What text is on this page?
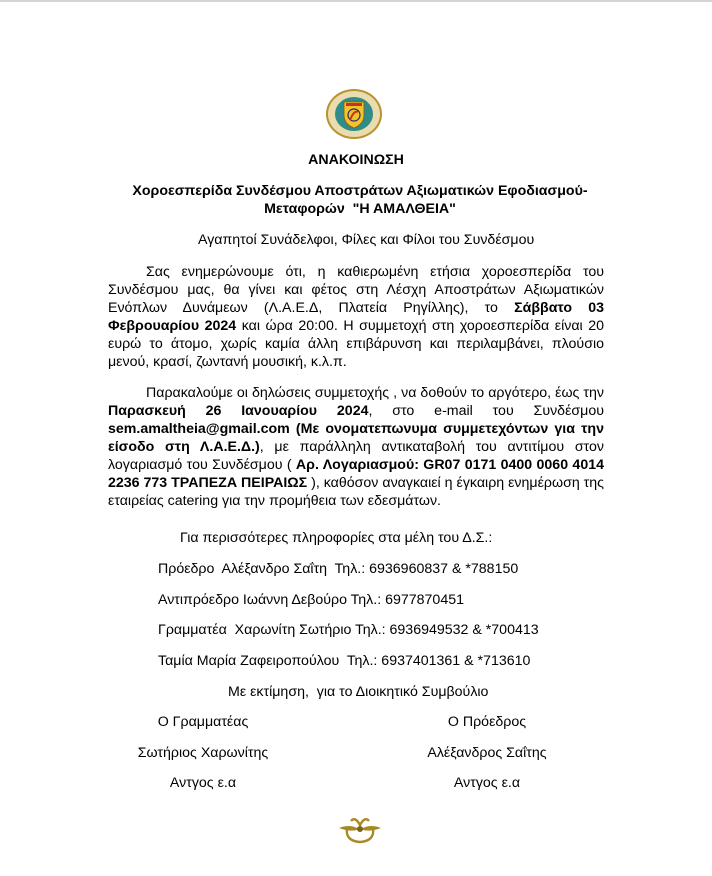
ΑΝΑΚΟΙΝΩΣΗ
Χοροεσπερίδα Συνδέσμου Αποστράτων Αξιωματικών Εφοδιασμού-
Μεταφορών  "Η ΑΜΑΛΘΕΙΑ"
Αγαπητοί Συνάδελφοι, Φίλες και Φίλοι του Συνδέσμου
Σας ενημερώνουμε ότι, η καθιερωμένη ετήσια χοροεσπερίδα του Συνδέσμου μας, θα γίνει και φέτος στη Λέσχη Αποστράτων Αξιωματικών Ενόπλων Δυνάμεων (Λ.Α.Ε.Δ, Πλατεία Ρηγίλλης), το Σάββατο 03 Φεβρουαρίου 2024 και ώρα 20:00. Η συμμετοχή στη χοροεσπερίδα είναι 20 ευρώ το άτομο, χωρίς καμία άλλη επιβάρυνση και περιλαμβάνει, πλούσιο μενού, κρασί, ζωντανή μουσική, κ.λ.π.
Παρακαλούμε οι δηλώσεις συμμετοχής , να δοθούν το αργότερο, έως την Παρασκευή 26 Ιανουαρίου 2024, στο e-mail του Συνδέσμου sem.amaltheia@gmail.com (Με ονοματεπωνυμα συμμετεχόντων για την είσοδο στη Λ.Α.Ε.Δ.), με παράλληλη αντικαταβολή του αντιτίμου στον λογαριασμό του Συνδέσμου ( Αρ. Λογαριασμού: GR07 0171 0400 0060 4014 2236 773 ΤΡΑΠΕΖΑ ΠΕΙΡΑΙΩΣ ), καθόσον αναγκαιεί η έγκαιρη ενημέρωση της εταιρείας catering για την προμήθεια των εδεσμάτων.
Για περισσότερες πληροφορίες στα μέλη του Δ.Σ.:
Πρόεδρο  Αλέξανδρο Σαΐτη  Τηλ.: 6936960837 & *788150
Αντιπρόεδρο Ιωάννη Δεβούρο Τηλ.: 6977870451
Γραμματέα  Χαρωνίτη Σωτήριο Τηλ.: 6936949532 & *700413
Ταμία Μαρία Ζαφειροπούλου  Τηλ.: 6937401361 & *713610
Με εκτίμηση,  για το Διοικητικό Συμβούλιο
Ο Γραμματέας
Σωτήριος Χαρωνίτης
Αντγος ε.α
Ο Πρόεδρος
Αλέξανδρος Σαΐτης
Αντγος ε.α
